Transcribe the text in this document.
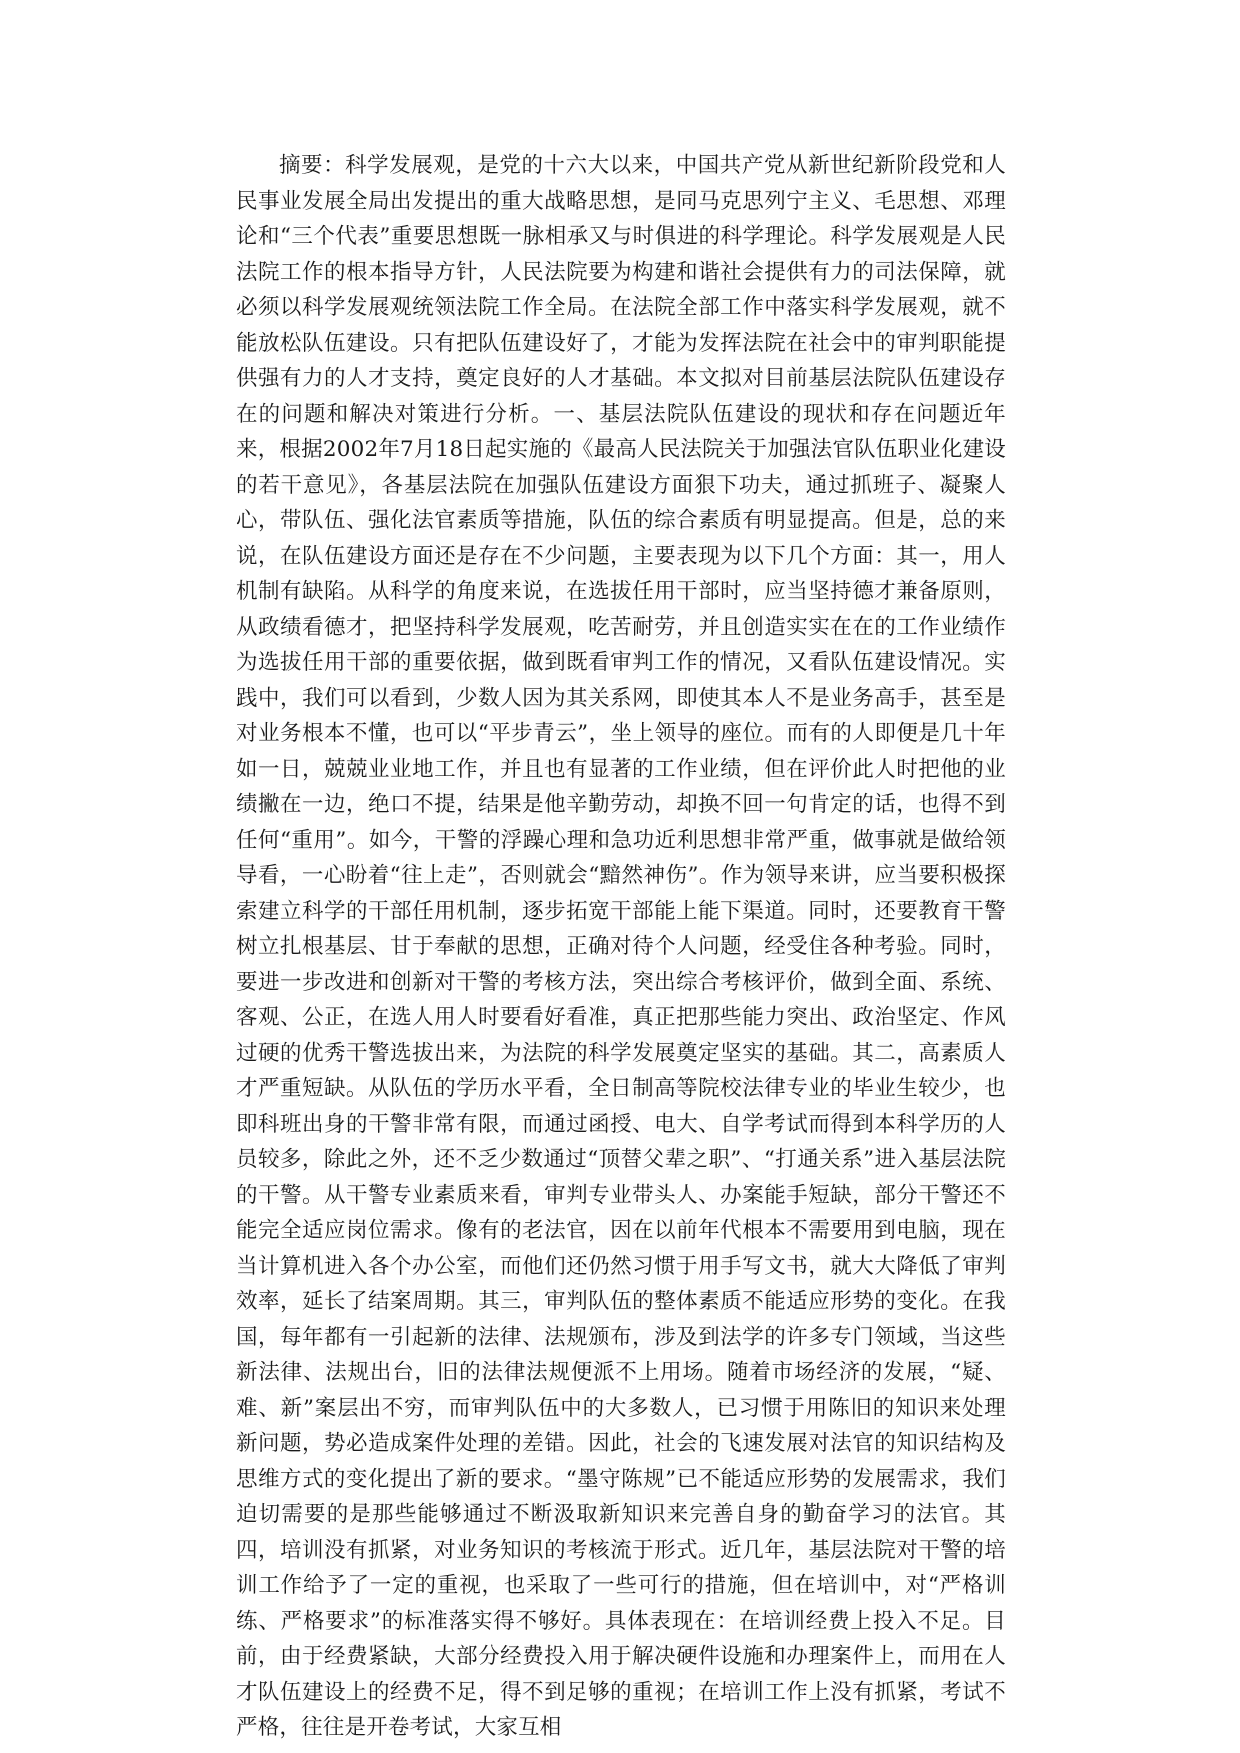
摘要：科学发展观，是党的十六大以来，中国共产党从新世纪新阶段党和人民事业发展全局出发提出的重大战略思想，是同马克思列宁主义、毛思想、邓理论和“三个代表”重要思想既一脉相承又与时俱进的科学理论。科学发展观是人民法院工作的根本指导方针，人民法院要为构建和谐社会提供有力的司法保障，就必须以科学发展观统领法院工作全局。在法院全部工作中落实科学发展观，就不能放松队伍建设。只有把队伍建设好了，才能为发挥法院在社会中的审判职能提供强有力的人才支持，奠定良好的人才基础。本文拟对目前基层法院队伍建设存在的问题和解决对策进行分析。一、基层法院队伍建设的现状和存在问题近年来，根据2002年7月18日起实施的《最高人民法院关于加强法官队伍职业化建设的若干意见》，各基层法院在加强队伍建设方面狠下功夫，通过抓班子、凝聚人心，带队伍、强化法官素质等措施，队伍的综合素质有明显提高。但是，总的来说，在队伍建设方面还是存在不少问题，主要表现为以下几个方面：其一，用人机制有缺陷。从科学的角度来说，在选拔任用干部时，应当坚持德才兼备原则，从政绩看德才，把坚持科学发展观，吃苦耐劳，并且创造实实在在的工作业绩作为选拔任用干部的重要依据，做到既看审判工作的情况，又看队伍建设情况。实践中，我们可以看到，少数人因为其关系网，即使其本人不是业务高手，甚至是对业务根本不懂，也可以“平步青云”，坐上领导的座位。而有的人即便是几十年如一日，兢兢业业地工作，并且也有显著的工作业绩，但在评价此人时把他的业绩撇在一边，绝口不提，结果是他辛勤劳动，却换不回一句肯定的话，也得不到任何“重用”。如今，干警的浮躁心理和急功近利思想非常严重，做事就是做给领导看，一心盼着“往上走”，否则就会“黯然神伤”。作为领导来讲，应当要积极探索建立科学的干部任用机制，逐步拓宽干部能上能下渠道。同时，还要教育干警树立扎根基层、甘于奉献的思想，正确对待个人问题，经受住各种考验。同时，要进一步改进和创新对干警的考核方法，突出综合考核评价，做到全面、系统、客观、公正，在选人用人时要看好看准，真正把那些能力突出、政治坚定、作风过硬的优秀干警选拔出来，为法院的科学发展奠定坚实的基础。其二，高素质人才严重短缺。从队伍的学历水平看，全日制高等院校法律专业的毕业生较少，也即科班出身的干警非常有限，而通过函授、电大、自学考试而得到本科学历的人员较多，除此之外，还不乏少数通过“顶替父辈之职”、“打通关系”进入基层法院的干警。从干警专业素质来看，审判专业带头人、办案能手短缺，部分干警还不能完全适应岗位需求。像有的老法官，因在以前年代根本不需要用到电脑，现在当计算机进入各个办公室，而他们还仍然习惯于用手写文书，就大大降低了审判效率，延长了结案周期。其三，审判队伍的整体素质不能适应形势的变化。在我国，每年都有一引起新的法律、法规颁布，涉及到法学的许多专门领域，当这些新法律、法规出台，旧的法律法规便派不上用场。随着市场经济的发展，“疑、难、新”案层出不穷，而审判队伍中的大多数人，已习惯于用陈旧的知识来处理新问题，势必造成案件处理的差错。因此，社会的飞速发展对法官的知识结构及思维方式的变化提出了新的要求。“墨守陈规”已不能适应形势的发展需求，我们迫切需要的是那些能够通过不断汲取新知识来完善自身的勤奋学习的法官。其四，培训没有抓紧，对业务知识的考核流于形式。近几年，基层法院对干警的培训工作给予了一定的重视，也采取了一些可行的措施，但在培训中，对“严格训练、严格要求”的标准落实得不够好。具体表现在：在培训经费上投入不足。目前，由于经费紧缺，大部分经费投入用于解决硬件设施和办理案件上，而用在人才队伍建设上的经费不足，得不到足够的重视；在培训工作上没有抓紧，考试不严格，往往是开卷考试，大家互相
